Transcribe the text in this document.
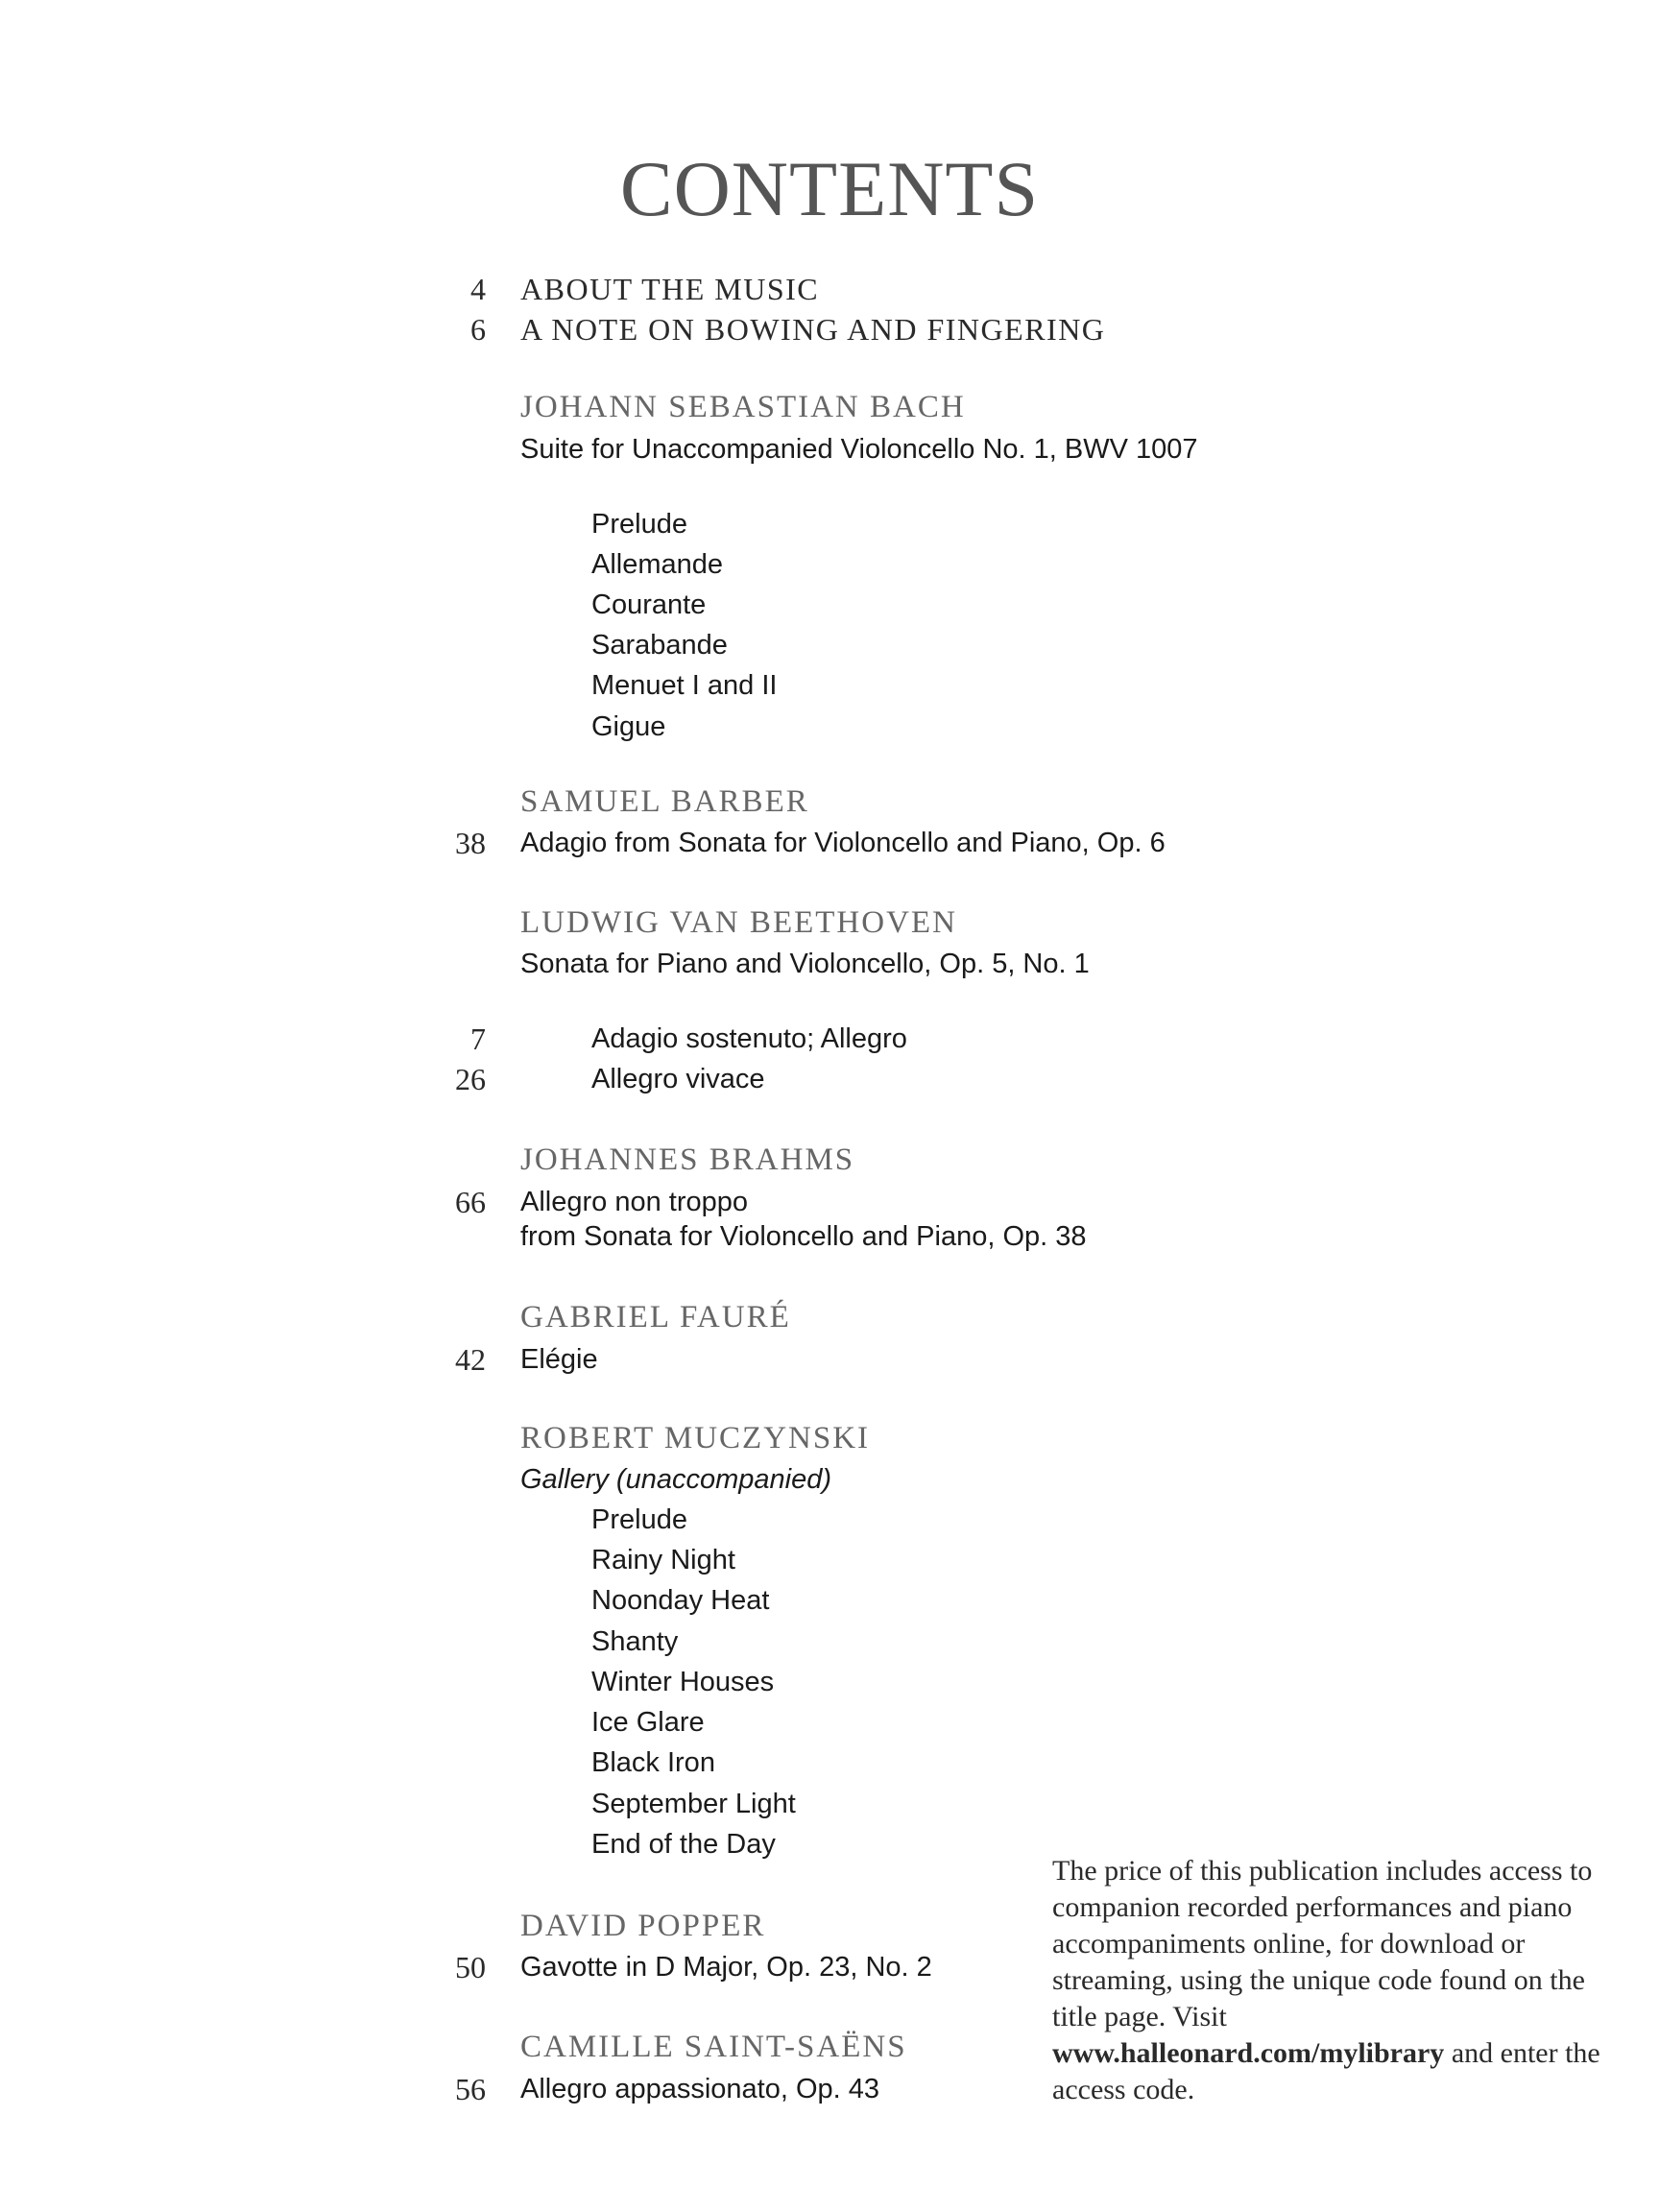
CONTENTS
4 ABOUT THE MUSIC
6 A NOTE ON BOWING AND FINGERING
JOHANN SEBASTIAN BACH
Suite for Unaccompanied Violoncello No. 1, BWV 1007
Prelude
Allemande
Courante
Sarabande
Menuet I and II
Gigue
SAMUEL BARBER
38 Adagio from Sonata for Violoncello and Piano, Op. 6
LUDWIG VAN BEETHOVEN
Sonata for Piano and Violoncello, Op. 5, No. 1
7	Adagio sostenuto; Allegro
26	Allegro vivace
JOHANNES BRAHMS
66 Allegro non troppo
from Sonata for Violoncello and Piano, Op. 38
GABRIEL FAURÉ
42 Elégie
ROBERT MUCZYNSKI
Gallery (unaccompanied)
Prelude
Rainy Night
Noonday Heat
Shanty
Winter Houses
Ice Glare
Black Iron
September Light
End of the Day
DAVID POPPER
50 Gavotte in D Major, Op. 23, No. 2
CAMILLE SAINT-SAËNS
56 Allegro appassionato, Op. 43
The price of this publication includes access to companion recorded performances and piano accompaniments online, for download or streaming, using the unique code found on the title page. Visit www.halleonard.com/mylibrary and enter the access code.
